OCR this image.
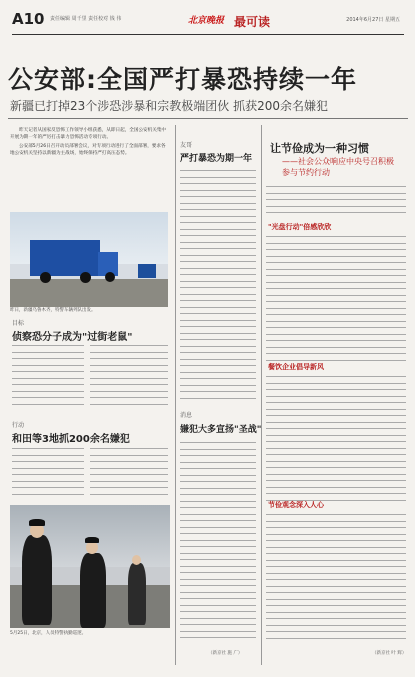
A10 责任编辑 周千里 责任校对 钱 伟	北京晚报 最可读	2014年6月27日 星期五
公安部:全国严打暴恐持续一年
新疆已打掉23个涉恐涉暴和宗教极端团伙 抓获200余名嫌犯

昨天记者从国家反恐怖工作领导小组获悉，从即日起，全国公安机关集中开展为期一年的严厉打击暴力恐怖活动专项行动。

公安部5月26日召开动员部署会议，对专项行动进行了全面部署，要求各地公安机关坚持以新疆为主战场，始终保持严打高压态势。

昨日，新疆乌鲁木齐，特警车辆列队出发。
目标
侦察恐分子成为"过街老鼠"
行动
和田等3地抓200余名嫌犯
5月25日，北京，人员特警执勤巡逻。
友哥
严打暴恐为期一年
消息
嫌犯大多宣扬"圣战"
（新京社 施 广）
让节俭成为一种习惯
——社会公众响应中央号召积极参与节约行动
"光盘行动"倍感欣欣
餐饮企业倡导新风
节俭观念深入人心
（新京社 叶 辉）
